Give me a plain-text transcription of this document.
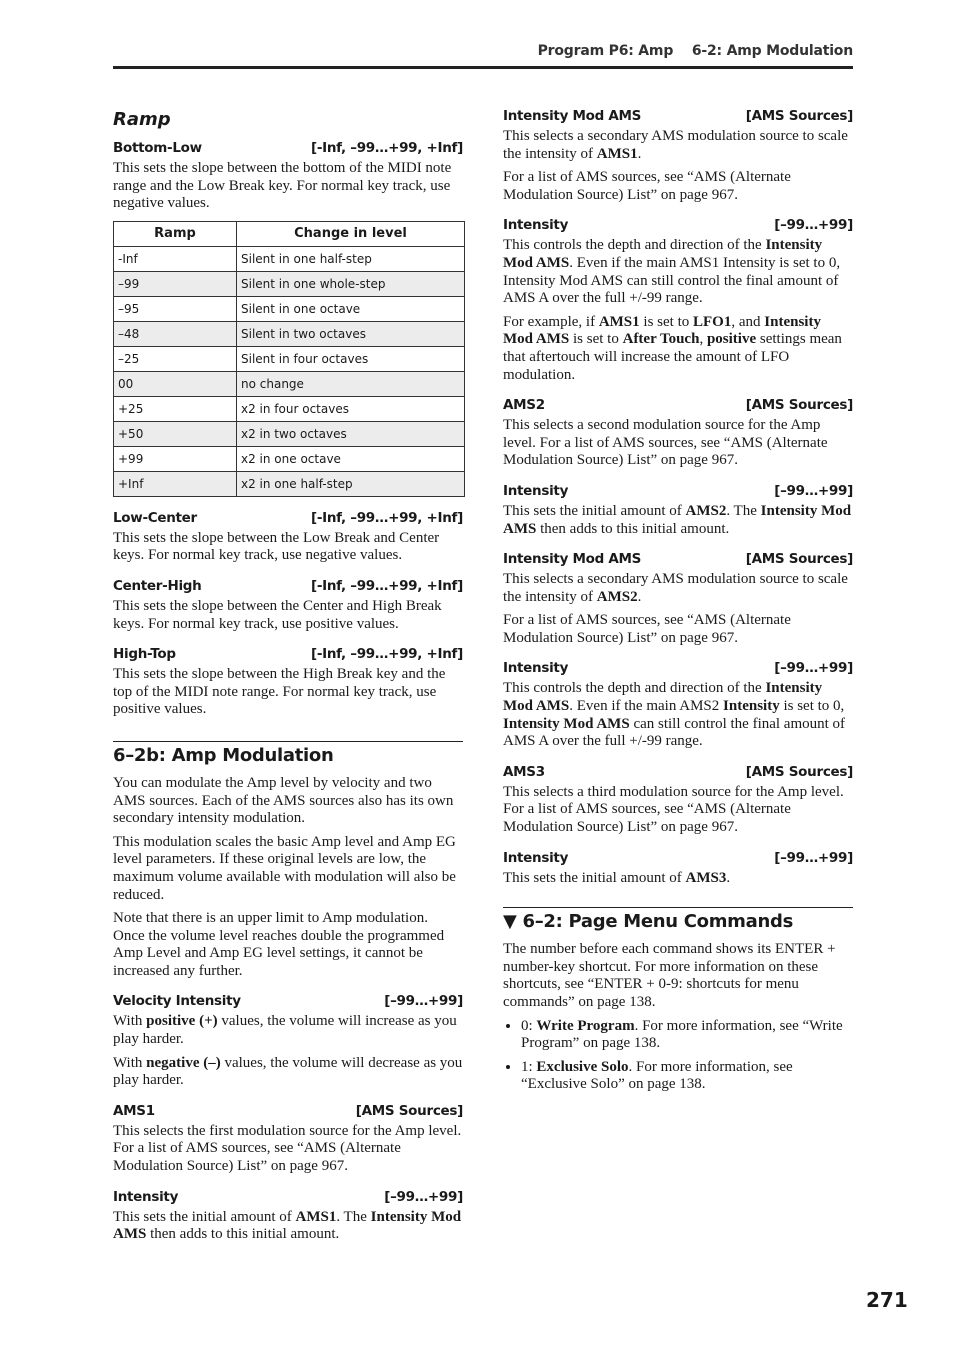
Program P6: Amp    6-2: Amp Modulation
Ramp
Bottom-Low	[-Inf, –99…+99, +Inf]

This sets the slope between the bottom of the MIDI note range and the Low Break key. For normal key track, use negative values.

Ramp	Change in level
-Inf	Silent in one half-step
–99	Silent in one whole-step
–95	Silent in one octave
–48	Silent in two octaves
–25	Silent in four octaves
00	no change
+25	x2 in four octaves
+50	x2 in two octaves
+99	x2 in one octave
+Inf	x2 in one half-step
Low-Center	[-Inf, –99…+99, +Inf]

This sets the slope between the Low Break and Center keys. For normal key track, use negative values.

Center-High	[-Inf, –99…+99, +Inf]

This sets the slope between the Center and High Break keys. For normal key track, use positive values.

High-Top	[-Inf, –99…+99, +Inf]

This sets the slope between the High Break key and the top of the MIDI note range. For normal key track, use positive values.

6–2b: Amp Modulation

You can modulate the Amp level by velocity and two AMS sources. Each of the AMS sources also has its own secondary intensity modulation.

This modulation scales the basic Amp level and Amp EG level parameters. If these original levels are low, the maximum volume available with modulation will also be reduced.

Note that there is an upper limit to Amp modulation. Once the volume level reaches double the programmed Amp Level and Amp EG level settings, it cannot be increased any further.

Velocity Intensity	[–99…+99]

With positive (+) values, the volume will increase as you play harder.

With negative (–) values, the volume will decrease as you play harder.

AMS1	[AMS Sources]

This selects the first modulation source for the Amp level. For a list of AMS sources, see “AMS (Alternate Modulation Source) List” on page 967.

Intensity	[–99…+99]

This sets the initial amount of AMS1. The Intensity Mod AMS then adds to this initial amount.

Intensity Mod AMS	[AMS Sources]

This selects a secondary AMS modulation source to scale the intensity of AMS1.

For a list of AMS sources, see “AMS (Alternate Modulation Source) List” on page 967.

Intensity	[–99…+99]

This controls the depth and direction of the Intensity Mod AMS. Even if the main AMS1 Intensity is set to 0, Intensity Mod AMS can still control the final amount of AMS A over the full +/-99 range.

For example, if AMS1 is set to LFO1, and Intensity Mod AMS is set to After Touch, positive settings mean that aftertouch will increase the amount of LFO modulation.

AMS2	[AMS Sources]

This selects a second modulation source for the Amp level. For a list of AMS sources, see “AMS (Alternate Modulation Source) List” on page 967.

Intensity	[–99…+99]

This sets the initial amount of AMS2. The Intensity Mod AMS then adds to this initial amount.

Intensity Mod AMS	[AMS Sources]

This selects a secondary AMS modulation source to scale the intensity of AMS2.

For a list of AMS sources, see “AMS (Alternate Modulation Source) List” on page 967.

Intensity	[–99…+99]

This controls the depth and direction of the Intensity Mod AMS. Even if the main AMS2 Intensity is set to 0, Intensity Mod AMS can still control the final amount of AMS A over the full +/-99 range.

AMS3	[AMS Sources]

This selects a third modulation source for the Amp level. For a list of AMS sources, see “AMS (Alternate Modulation Source) List” on page 967.

Intensity	[–99…+99]

This sets the initial amount of AMS3.

▼ 6–2: Page Menu Commands

The number before each command shows its ENTER + number-key shortcut. For more information on these shortcuts, see “ENTER + 0-9: shortcuts for menu commands” on page 138.

• 0: Write Program. For more information, see “Write Program” on page 138.
• 1: Exclusive Solo. For more information, see “Exclusive Solo” on page 138.
271
